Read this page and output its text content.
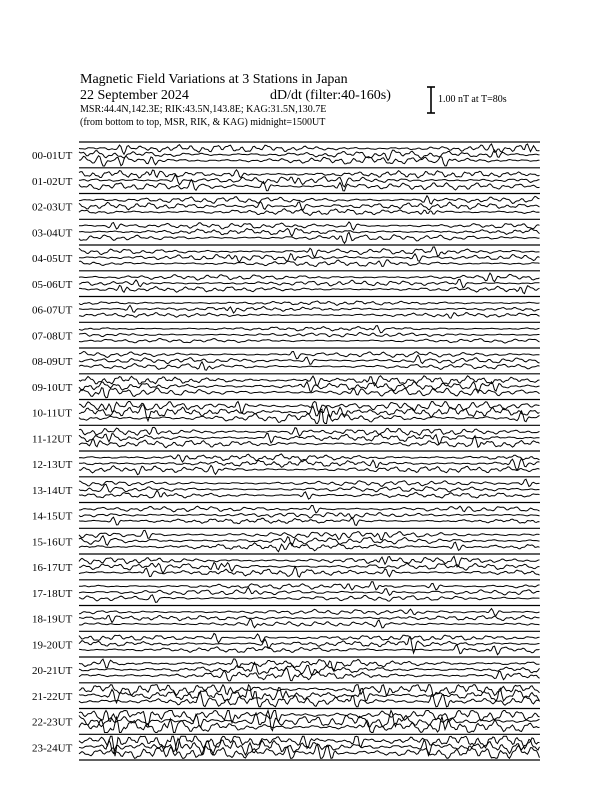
Magnetic Field Variations at 3 Stations in Japan
22 September 2024	dD/dt (filter:40-160s)
MSR:44.4N,142.3E; RIK:43.5N,143.8E; KAG:31.5N,130.7E
(from bottom to top, MSR, RIK, & KAG) midnight=1500UT
1.00 nT at T=80s
00-01UT
01-02UT
02-03UT
03-04UT
04-05UT
05-06UT
06-07UT
07-08UT
08-09UT
09-10UT
10-11UT
11-12UT
12-13UT
13-14UT
14-15UT
15-16UT
16-17UT
17-18UT
18-19UT
19-20UT
20-21UT
21-22UT
22-23UT
23-24UT
